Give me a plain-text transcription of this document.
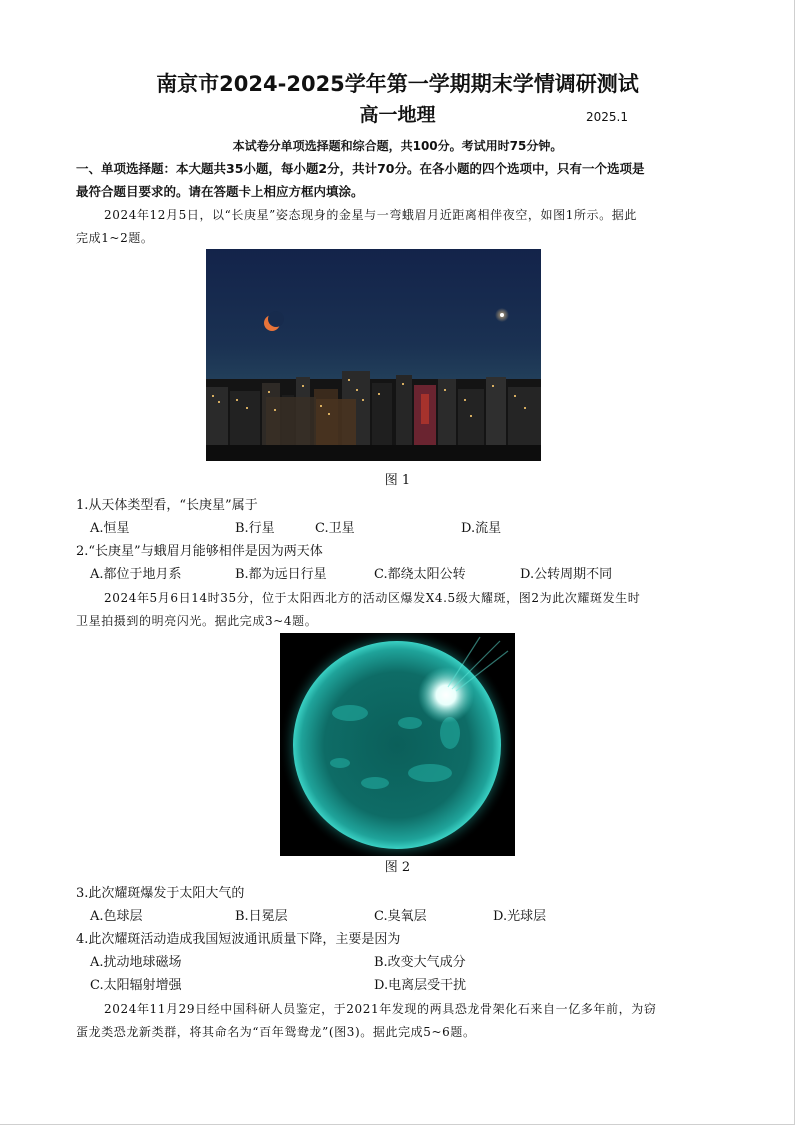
南京市2024-2025学年第一学期期末学情调研测试
高一地理	2025.1
本试卷分单项选择题和综合题，共100分。考试用时75分钟。
一、单项选择题：本大题共35小题，每小题2分，共计70分。在各小题的四个选项中，只有一个选项是
最符合题目要求的。请在答题卡上相应方框内填涂。
2024年12月5日，以“长庚星”姿态现身的金星与一弯蛾眉月近距离相伴夜空，如图1所示。据此
完成1~2题。
图 1
1.从天体类型看，“长庚星”属于
A.恒星	B.行星	C.卫星	D.流星
2.“长庚星”与蛾眉月能够相伴是因为两天体
A.都位于地月系	B.都为远日行星	C.都绕太阳公转	D.公转周期不同
2024年5月6日14时35分，位于太阳西北方的活动区爆发X4.5级大耀斑，图2为此次耀斑发生时
卫星拍摄到的明亮闪光。据此完成3~4题。
图 2
3.此次耀斑爆发于太阳大气的
A.色球层	B.日冕层	C.臭氧层	D.光球层
4.此次耀斑活动造成我国短波通讯质量下降，主要是因为
A.扰动地球磁场	B.改变大气成分
C.太阳辐射增强	D.电离层受干扰
2024年11月29日经中国科研人员鉴定，于2021年发现的两具恐龙骨架化石来自一亿多年前，为窃
蛋龙类恐龙新类群，将其命名为“百年鸳鸯龙”(图3)。据此完成5~6题。
